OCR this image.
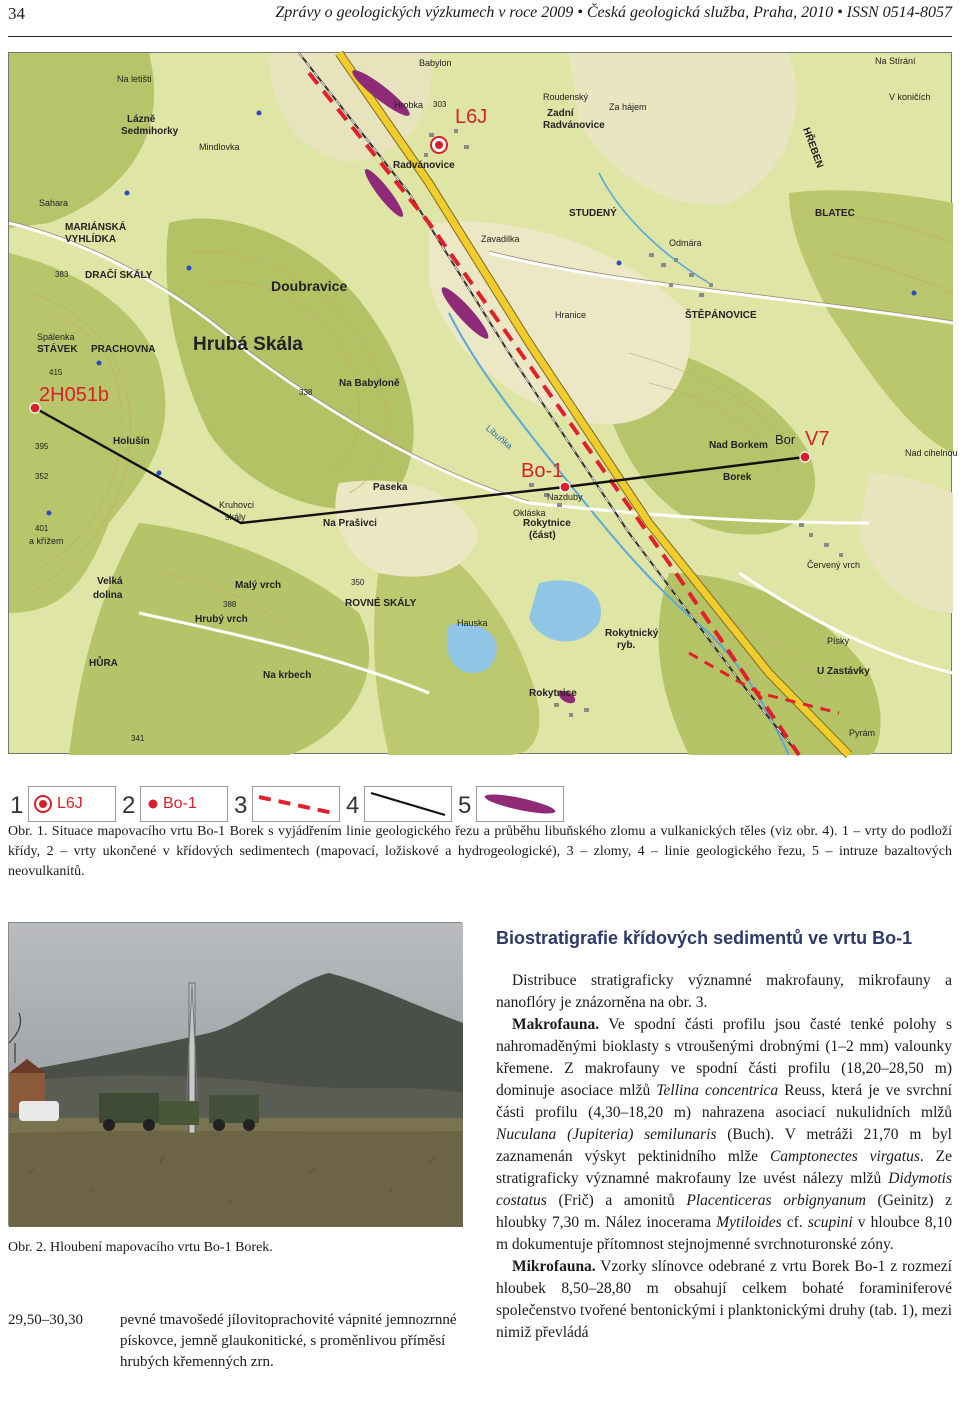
34	Zprávy o geologických výzkumech v roce 2009 • Česká geologická služba, Praha, 2010 • ISSN 0514-8057
Na letišti
Lázně
Sedmihorky
Mindlovka
Hrobka
Babylon
Radvánovice
Roudenský
Zadní
Radvánovice
Za hájem
Na Stírání
V koničích
HŘEBEN
Zavadilka
STUDENÝ	BLATEC
Odmára
ŠTĚPÁNOVICE
Hranice
Sahara
MARIÁNSKÁ
VYHLÍDKA
DRAČÍ SKÁLY
Doubravice
Spálenka
STÁVEK PRACHOVNA Hrubá Skála
Na Babyloně
Holušín
Kruhovci
skály
Paseka
Na Prašivci
Nazduby
Okláska
Rokytnice
(část)
Nad Borkem
Borek
Bor
Nad cihelnou
Červený vrch
a křížem
Velká
dolina
Malý vrch
Hrubý vrch
ROVNÉ SKÁLY
Hauska
Rokytnický
ryb.	Písky
U Zastávky
HŮRA
Na krbech
Rokytnice
Pyrám
Libuňka
303
383
415
338
395
352
401
350
388
341
L6J
2H051b
Bo-1
V7
1 L6J 2 Bo-1 3	4	5
Obr. 1. Situace mapovacího vrtu Bo-1 Borek s vyjádřením linie geologického řezu a průběhu libuňského zlomu a vulkanických těles (viz obr. 4). 1 – vrty do podloží křídy, 2 – vrty ukončené v křídových sedimentech (mapovací, ložiskové a hydrogeologické), 3 – zlomy, 4 – linie geologického řezu, 5 – intruze bazaltových neovulkanitů.
Obr. 2. Hloubení mapovacího vrtu Bo-1 Borek.
29,50–30,30	pevné tmavošedé jílovitoprachovité vápnité jemnozrnné pískovce, jemně glaukonitické, s proměnlivou příměsí hrubých křemenných zrn.
Biostratigrafie křídových sedimentů ve vrtu Bo-1

Distribuce stratigraficky významné makrofauny, mikrofauny a nanoflóry je znázorněna na obr. 3.

Makrofauna. Ve spodní části profilu jsou časté tenké polohy s nahromaděnými bioklasty s vtroušenými drobnými (1–2 mm) valounky křemene. Z makrofauny ve spodní části profilu (18,20–28,50 m) dominuje asociace mlžů Tellina concentrica Reuss, která je ve svrchní části profilu (4,30–18,20 m) nahrazena asociací nukulidních mlžů Nuculana (Jupiteria) semilunaris (Buch). V metráži 21,70 m byl zaznamenán výskyt pektinidního mlže Camptonectes virgatus. Ze stratigraficky významné makrofauny lze uvést nálezy mlžů Didymotis costatus (Frič) a amonitů Placenticeras orbignyanum (Geinitz) z hloubky 7,30 m. Nález inocerama Mytiloides cf. scupini v hloubce 8,10 m dokumentuje přítomnost stejnojmenné svrchnoturonské zóny.

Mikrofauna. Vzorky slínovce odebrané z vrtu Borek Bo-1 z rozmezí hloubek 8,50–28,80 m obsahují celkem bohaté foraminiferové společenstvo tvořené bentonickými i planktonickými druhy (tab. 1), mezi nimiž převládá
